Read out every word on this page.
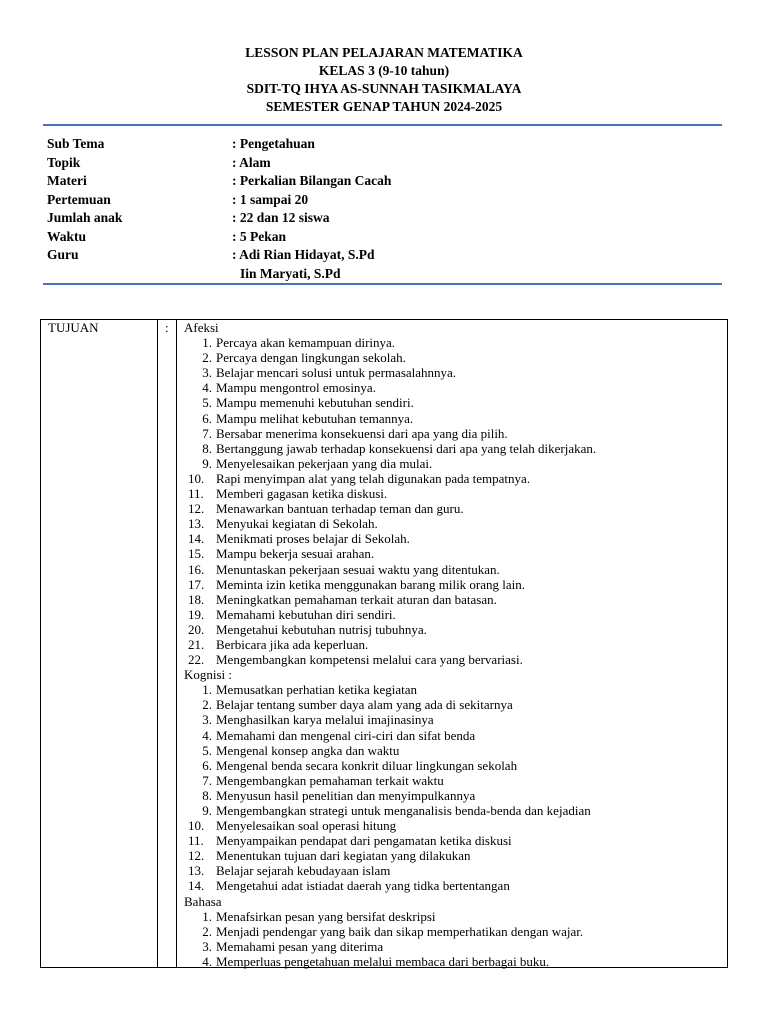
LESSON PLAN PELAJARAN MATEMATIKA
KELAS 3 (9-10 tahun)
SDIT-TQ IHYA AS-SUNNAH TASIKMALAYA
SEMESTER GENAP TAHUN 2024-2025
Sub Tema	: Pengetahuan
Topik	: Alam
Materi	: Perkalian Bilangan Cacah
Pertemuan	: 1 sampai 20
Jumlah anak	: 22 dan 12 siswa
Waktu	: 5 Pekan
Guru	: Adi Rian Hidayat, S.Pd
Iin Maryati, S.Pd
TUJUAN	: Afeksi
1. Percaya akan kemampuan dirinya.
2. Percaya dengan lingkungan sekolah.
3. Belajar mencari solusi untuk permasalahnnya.
4. Mampu mengontrol emosinya.
5. Mampu memenuhi kebutuhan sendiri.
6. Mampu melihat kebutuhan temannya.
7. Bersabar menerima konsekuensi dari apa yang dia pilih.
8. Bertanggung jawab terhadap konsekuensi dari apa yang telah dikerjakan.
9. Menyelesaikan pekerjaan yang dia mulai.
10. Rapi menyimpan alat yang telah digunakan pada tempatnya.
11. Memberi gagasan ketika diskusi.
12. Menawarkan bantuan terhadap teman dan guru.
13. Menyukai kegiatan di Sekolah.
14. Menikmati proses belajar di Sekolah.
15. Mampu bekerja sesuai arahan.
16. Menuntaskan pekerjaan sesuai waktu yang ditentukan.
17. Meminta izin ketika menggunakan barang milik orang lain.
18. Meningkatkan pemahaman terkait aturan dan batasan.
19. Memahami kebutuhan diri sendiri.
20. Mengetahui kebutuhan nutrisj tubuhnya.
21. Berbicara jika ada keperluan.
22. Mengembangkan kompetensi melalui cara yang bervariasi.
Kognisi :
1. Memusatkan perhatian ketika kegiatan
2. Belajar tentang sumber daya alam yang ada di sekitarnya
3. Menghasilkan karya melalui imajinasinya
4. Memahami dan mengenal ciri-ciri dan sifat benda
5. Mengenal konsep angka dan waktu
6. Mengenal benda secara konkrit diluar lingkungan sekolah
7. Mengembangkan pemahaman terkait waktu
8. Menyusun hasil penelitian dan menyimpulkannya
9. Mengembangkan strategi untuk menganalisis benda-benda dan kejadian
10. Menyelesaikan soal operasi hitung
11. Menyampaikan pendapat dari pengamatan ketika diskusi
12. Menentukan tujuan dari kegiatan yang dilakukan
13. Belajar sejarah kebudayaan islam
14. Mengetahui adat istiadat daerah yang tidka bertentangan
Bahasa
1. Menafsirkan pesan yang bersifat deskripsi
2. Menjadi pendengar yang baik dan sikap memperhatikan dengan wajar.
3. Memahami pesan yang diterima
4. Memperluas pengetahuan melalui membaca dari berbagai buku.
